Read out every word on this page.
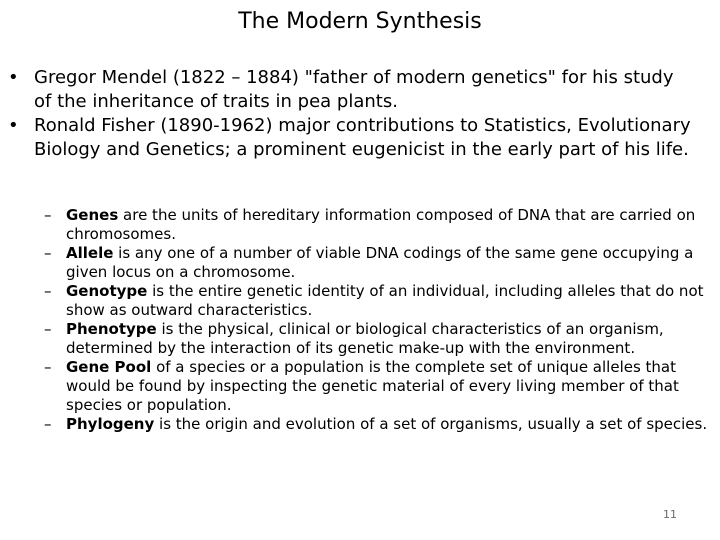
The Modern Synthesis
• Gregor Mendel (1822 – 1884) "father of modern genetics" for his study of the inheritance of traits in pea plants.
• Ronald Fisher (1890-1962) major contributions to Statistics, Evolutionary Biology and Genetics; a prominent eugenicist in the early part of his life.
– Genes are the units of hereditary information composed of DNA that are carried on chromosomes.
– Allele is any one of a number of viable DNA codings of the same gene occupying a given locus on a chromosome.
– Genotype is the entire genetic identity of an individual, including alleles that do not show as outward characteristics.
– Phenotype is the physical, clinical or biological characteristics of an organism, determined by the interaction of its genetic make-up with the environment.
– Gene Pool of a species or a population is the complete set of unique alleles that would be found by inspecting the genetic material of every living member of that species or population.
– Phylogeny is the origin and evolution of a set of organisms, usually a set of species.
11
